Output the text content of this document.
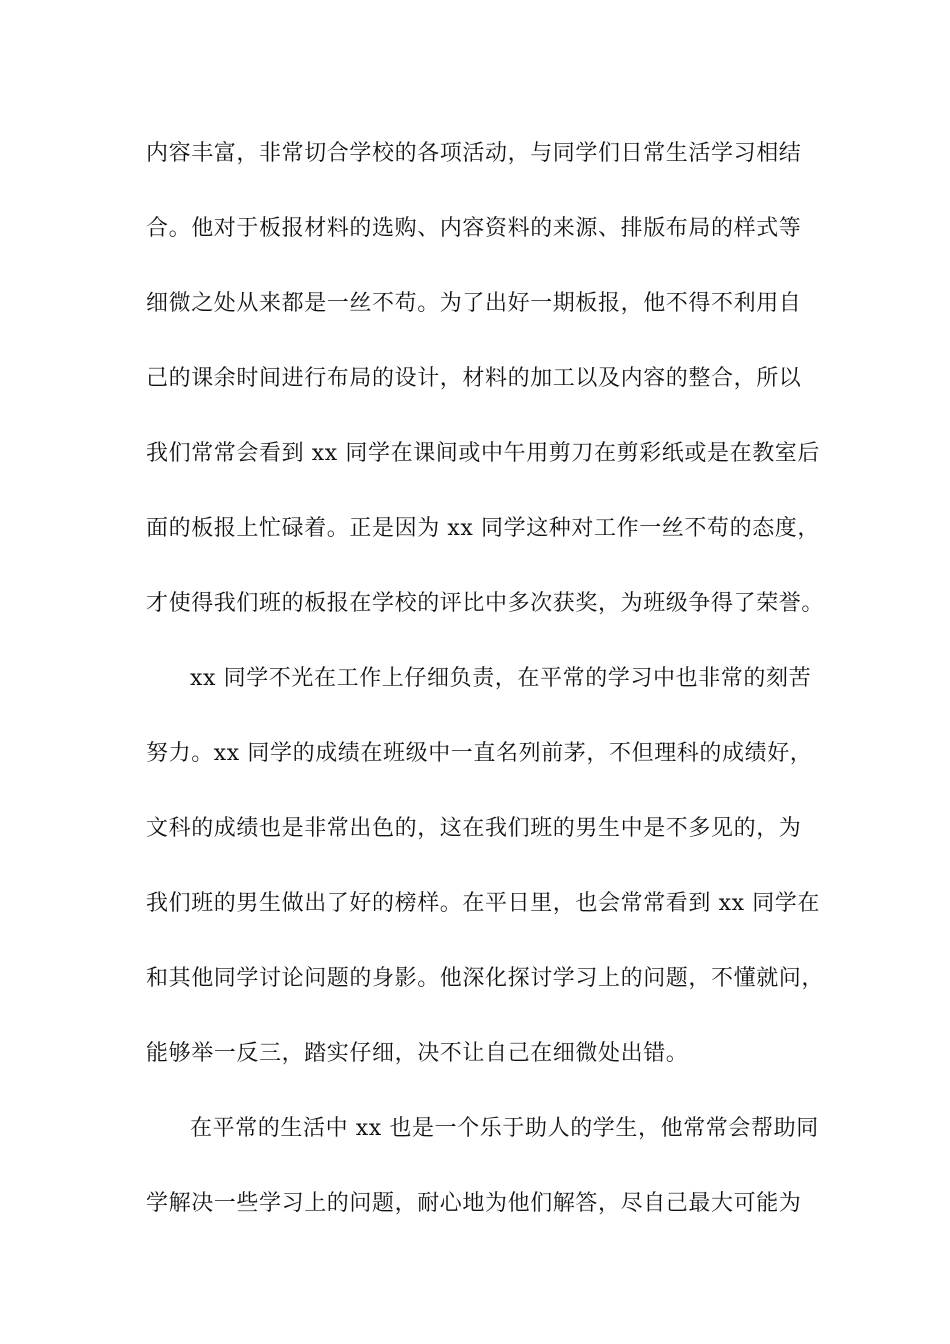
内容丰富，非常切合学校的各项活动，与同学们日常生活学习相结
合。他对于板报材料的选购、内容资料的来源、排版布局的样式等
细微之处从来都是一丝不苟。为了出好一期板报，他不得不利用自
己的课余时间进行布局的设计，材料的加工以及内容的整合，所以
我们常常会看到 xx 同学在课间或中午用剪刀在剪彩纸或是在教室后
面的板报上忙碌着。正是因为 xx 同学这种对工作一丝不苟的态度，
才使得我们班的板报在学校的评比中多次获奖，为班级争得了荣誉。
xx 同学不光在工作上仔细负责，在平常的学习中也非常的刻苦
努力。xx 同学的成绩在班级中一直名列前茅，不但理科的成绩好，
文科的成绩也是非常出色的，这在我们班的男生中是不多见的，为
我们班的男生做出了好的榜样。在平日里，也会常常看到 xx 同学在
和其他同学讨论问题的身影。他深化探讨学习上的问题，不懂就问，
能够举一反三，踏实仔细，决不让自己在细微处出错。
在平常的生活中 xx 也是一个乐于助人的学生，他常常会帮助同
学解决一些学习上的问题，耐心地为他们解答，尽自己最大可能为
